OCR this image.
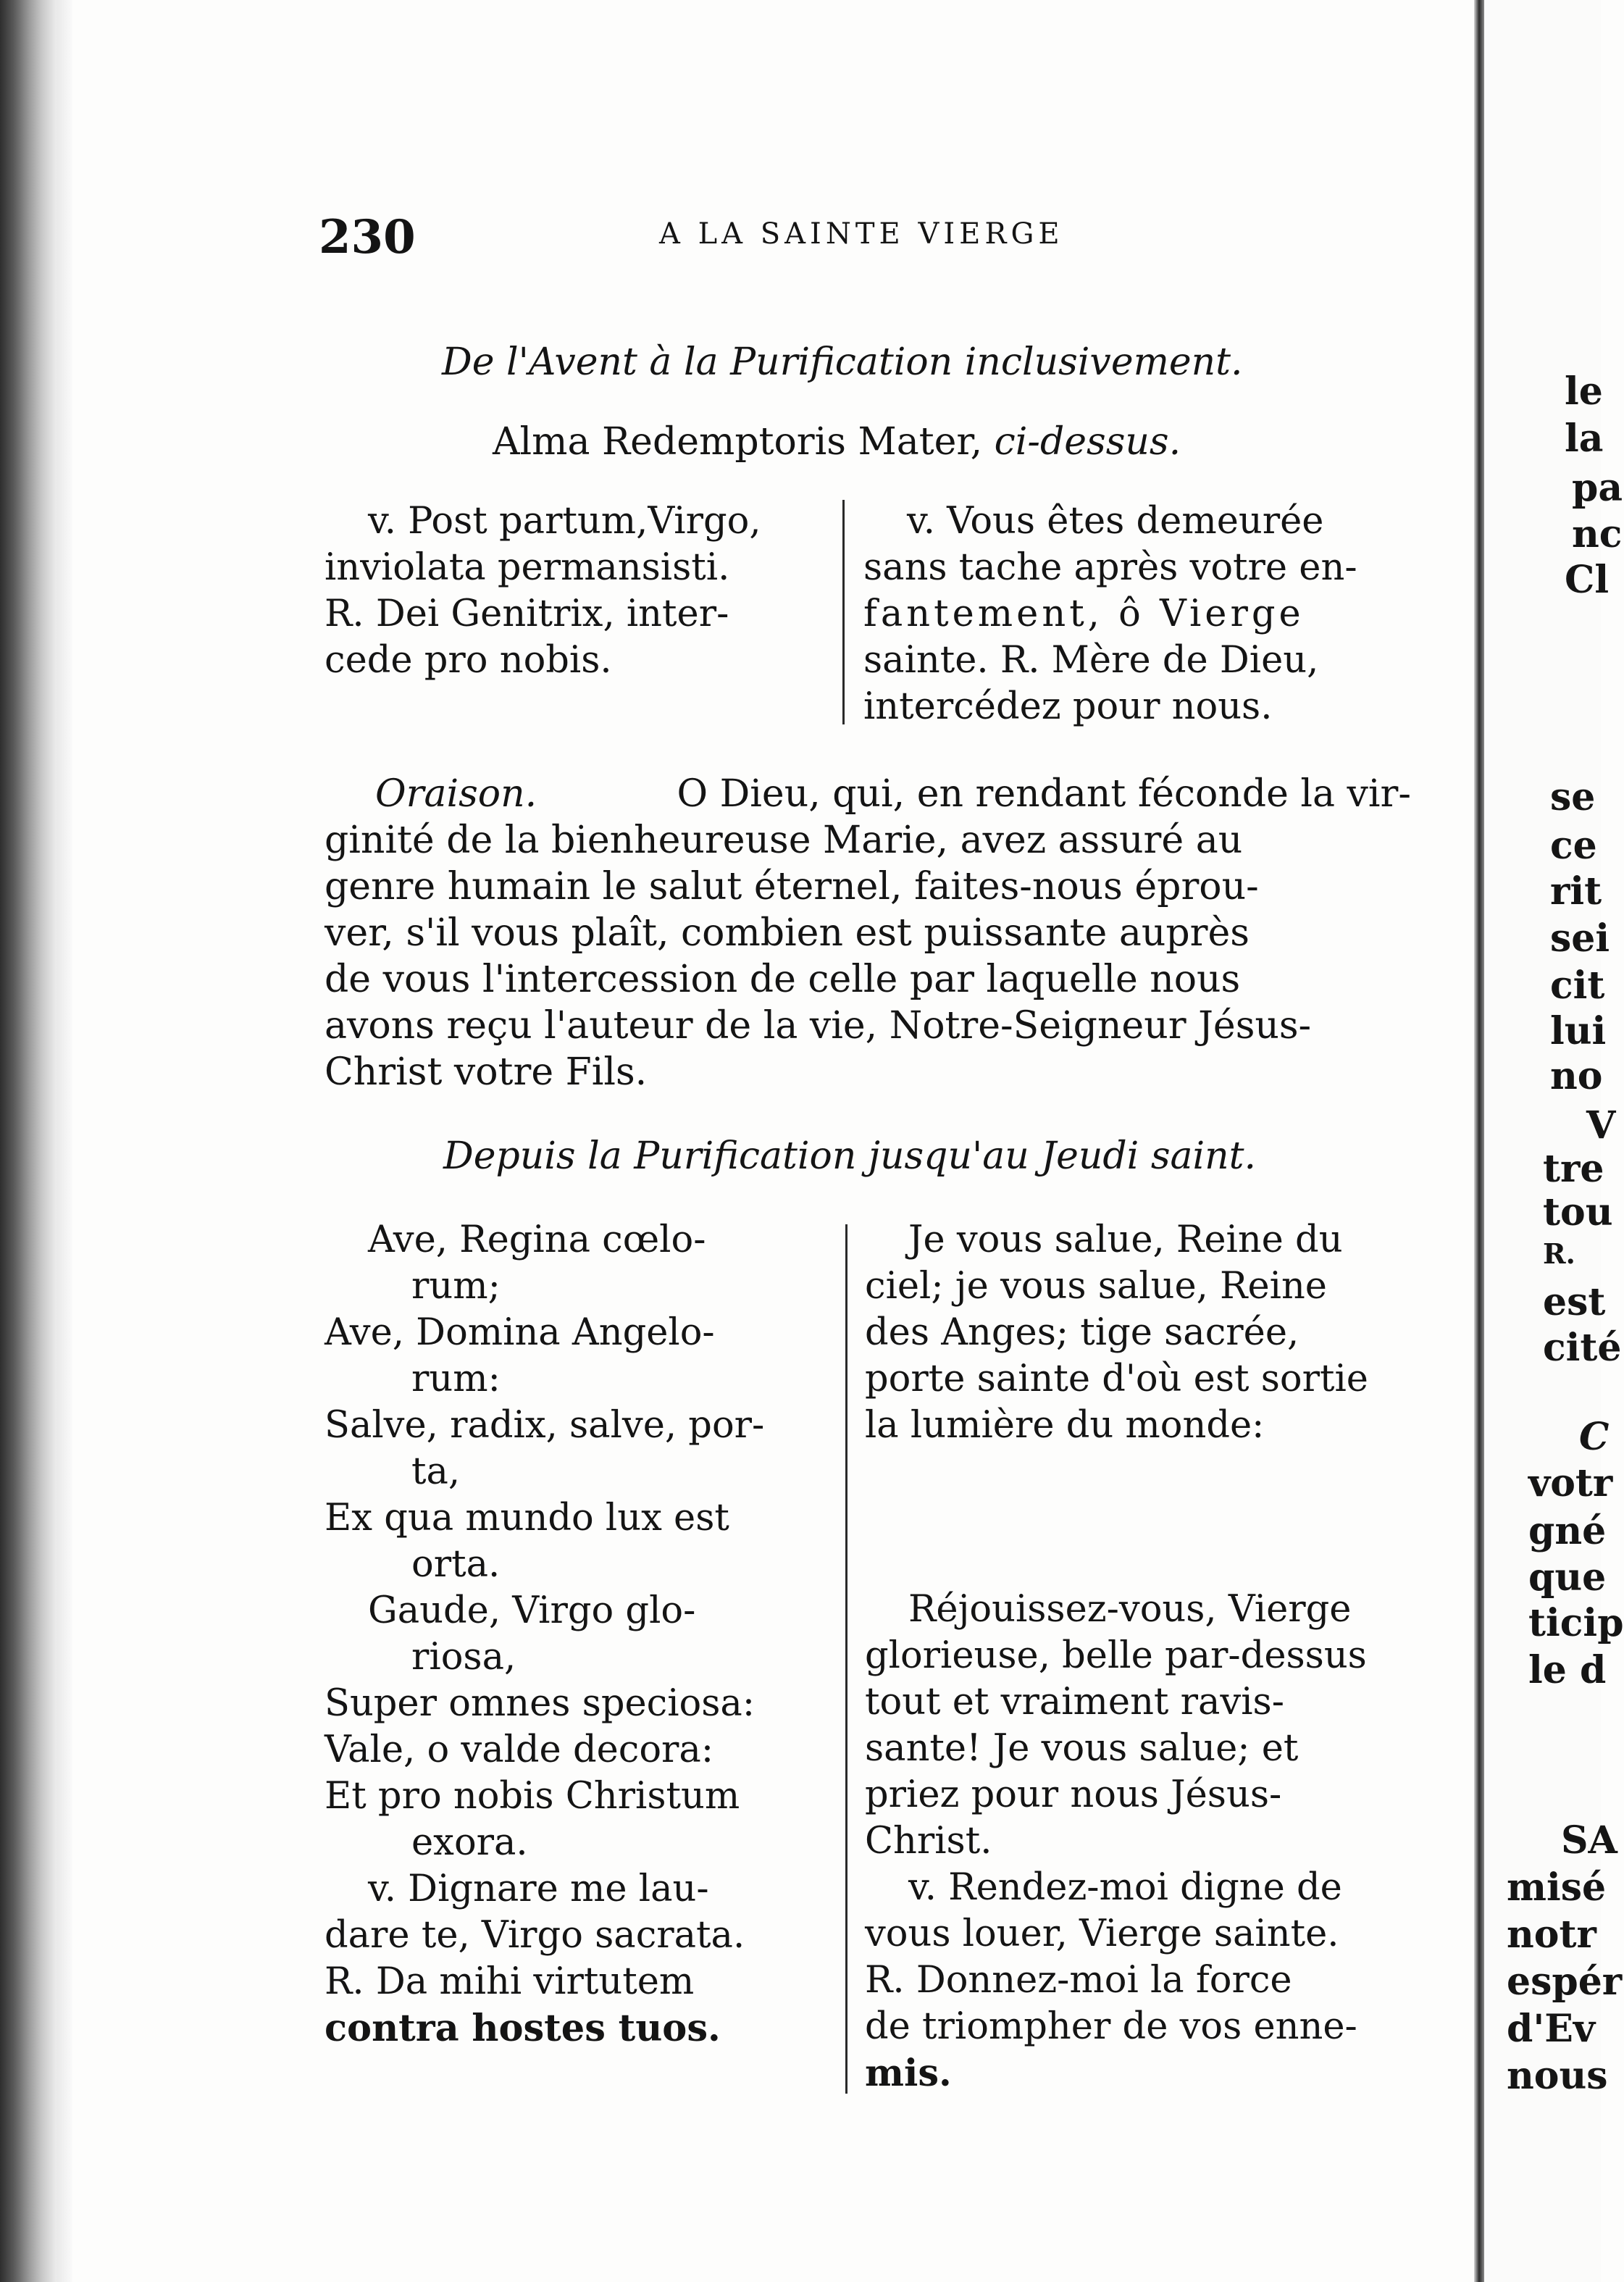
230	A LA SAINTE VIERGE
De l'Avent à la Purification inclusivement.
Alma Redemptoris Mater, ci-dessus.
v. Post partum,Virgo,
inviolata permansisti.
R. Dei Genitrix, inter-
cede pro nobis.
v. Vous êtes demeurée
sans tache après votre en-
fantement, ô Vierge
sainte. R. Mère de Dieu,
intercédez pour nous.
Oraison.
	O Dieu, qui, en rendant féconde la vir-
ginité de la bienheureuse Marie, avez assuré au
genre humain le salut éternel, faites-nous éprou-
ver, s'il vous plaît, combien est puissante auprès
de vous l'intercession de celle par laquelle nous
avons reçu l'auteur de la vie, Notre-Seigneur Jésus-
Christ votre Fils.
Depuis la Purification jusqu'au Jeudi saint.
Ave, Regina cœlo-
rum;
Ave, Domina Angelo-
rum:
Salve, radix, salve, por-
ta,
Ex qua mundo lux est
orta.
Gaude, Virgo glo-
riosa,
Super omnes speciosa:
Vale, o valde decora:
Et pro nobis Christum
exora.
v. Dignare me lau-
dare te, Virgo sacrata.
R. Da mihi virtutem
contra hostes tuos.
Je vous salue, Reine du
ciel; je vous salue, Reine
des Anges; tige sacrée,
porte sainte d'où est sortie
la lumière du monde:
Réjouissez-vous, Vierge
glorieuse, belle par-dessus
tout et vraiment ravis-
sante! Je vous salue; et
priez pour nous Jésus-
Christ.
v. Rendez-moi digne de
vous louer, Vierge sainte.
R. Donnez-moi la force
de triompher de vos enne-
mis.
le
la
pa
nc
Cl
se
ce
rit
sei
cit
lui
no
V
tre
tou
R.
est
cité
C
votr
gné
que
ticip
le d
SA
misé
notr
espér
d'Ev
nous
